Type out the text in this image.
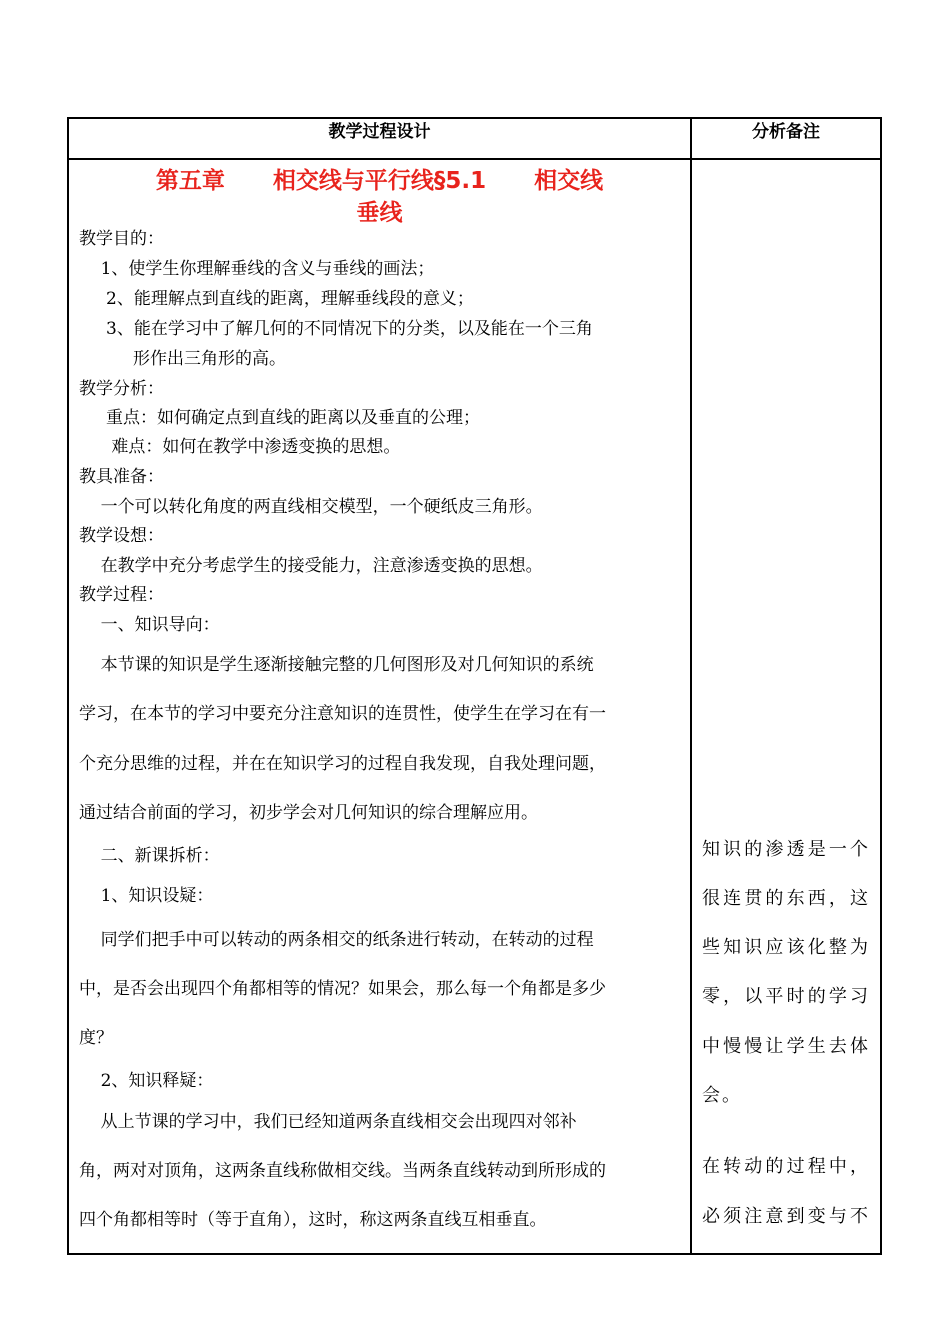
教学过程设计	分析备注
第五章      相交线与平行线§5.1      相交线
垂线
教学目的：
1、使学生你理解垂线的含义与垂线的画法；
2、能理解点到直线的距离，理解垂线段的意义；
3、能在学习中了解几何的不同情况下的分类，以及能在一个三角
形作出三角形的高。
教学分析：
重点：如何确定点到直线的距离以及垂直的公理；
难点：如何在教学中渗透变换的思想。
教具准备：
一个可以转化角度的两直线相交模型，一个硬纸皮三角形。
教学设想：
在教学中充分考虑学生的接受能力，注意渗透变换的思想。
教学过程：
一、知识导向：
本节课的知识是学生逐渐接触完整的几何图形及对几何知识的系统
学习，在本节的学习中要充分注意知识的连贯性，使学生在学习在有一
个充分思维的过程，并在在知识学习的过程自我发现，自我处理问题，
通过结合前面的学习，初步学会对几何知识的综合理解应用。
二、新课拆析：
1、知识设疑：
同学们把手中可以转动的两条相交的纸条进行转动，在转动的过程
中，是否会出现四个角都相等的情况？如果会，那么每一个角都是多少
度？
2、知识释疑：
从上节课的学习中，我们已经知道两条直线相交会出现四对邻补
角，两对对顶角，这两条直线称做相交线。当两条直线转动到所形成的
四个角都相等时（等于直角），这时，称这两条直线互相垂直。
知识的渗透是一个
很连贯的东西，这
些知识应该化整为
零，以平时的学习
中慢慢让学生去体
会。
在转动的过程中，
必须注意到变与不
